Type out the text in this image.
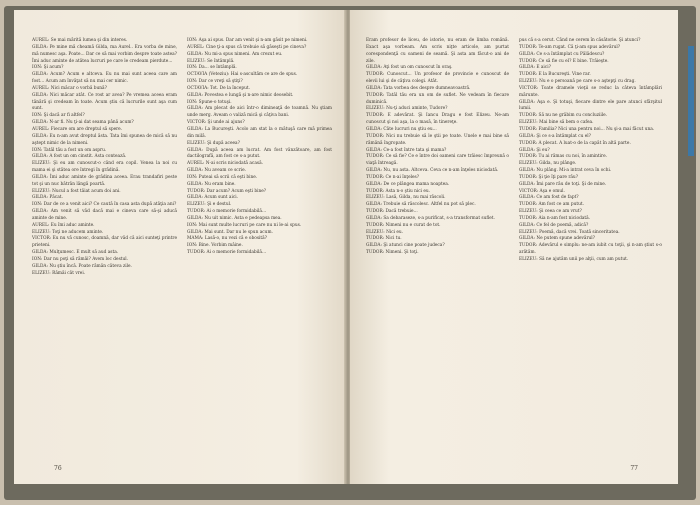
AUREL: Se mai mărită lumea şi din interes.
GILDA: Pe mine mă cheamă Gilda, ma Aurel.. Era vorba de mine, mă numesc aşa. Poate... Dar ce să mai vorbim despre toate astea? Îmi aduc aminte de atâtea lucruri pe care le credeam pierdute...
ION: Şi acum?
GILDA: Acum? Acum e altceva. Eu nu mai sunt aceea care am fost... Acum am învăţat să nu mai cer nimic.
AUREL: Nici măcar o vorbă bună?
GILDA: Nici măcar atât. Ce rost ar avea? Pe vremea aceea eram tânără şi credeam în toate. Acum ştiu că lucrurile sunt aşa cum sunt.
ION: Şi dacă ar fi altfel?
GILDA: N-ar fi. Nu ţi-ai dat seama până acum?
AUREL: Fiecare om are dreptul să spere.
GILDA: Eu n-am avut dreptul ăsta. Tata îmi spunea de mică să nu aştept nimic de la nimeni.
ION: Tatăl tău a fost un om aspru.
GILDA: A fost un om cinstit. Asta contează.
ELIZEU: Şi eu am cunoscut-o când era copil. Venea la noi cu mama ei şi stătea ore întregi în grădină.
GILDA: Îmi aduc aminte de grădina aceea. Erau trandafiri peste tot şi un nuc bătrân lângă poartă.
ELIZEU: Nucul a fost tăiat acum doi ani.
GILDA: Păcat.
ION: Dar de ce a venit aici? Ce caută în casa asta după atâţia ani?
GILDA: Am venit să văd dacă mai e cineva care să-şi aducă aminte de mine.
AUREL: Eu îmi aduc aminte.
ELIZEU: Toţi ne aducem aminte.
VICTOR: Eu nu vă cunosc, doamnă, dar văd că aici sunteţi printre prieteni.
GILDA: Mulţumesc. E mult să aud asta.
ION: Dar nu poţi să rămâi? Avem loc destul.
GILDA: Nu ştiu încă. Poate rămân câteva zile.
ELIZEU: Rămâi cât vrei.
ION: Aşa ai spus. Dar am venit şi n-am găsit pe nimeni.
AUREL: Cine ţi-a spus că trebuie să găseşti pe cineva?
GILDA: Nu mi-a spus nimeni. Am crezut eu.
ELIZEU: Se întâmplă.
ION: Da... se întâmplă.
OCTAVIA (Veteziu): Hai s-ascultăm ce are de spus.
ION: Dar ce vreţi să ştiţi?
OCTAVIA: Tot. De la început.
GILDA: Povestea e lungă şi n-are nimic deosebit.
ION: Spune-o totuşi.
GILDA: Am plecat de aici într-o dimineaţă de toamnă. Nu ştiam unde merg. Aveam o valiză mică şi câţiva bani.
VICTOR: Şi unde ai ajuns?
GILDA: La Bucureşti. Acolo am stat la o mătuşă care mă primea din milă.
ELIZEU: Şi după aceea?
GILDA: După aceea am lucrat. Am fost vânzătoare, am fost dactilografă, am fost ce s-a putut.
AUREL: N-ai scris niciodată acasă.
GILDA: Nu aveam ce scrie.
ION: Puteai să scrii că eşti bine.
GILDA: Nu eram bine.
TUDOR: Dar acum? Acum eşti bine?
GILDA: Acum sunt aici.
ELIZEU: Şi e destul.
TUDOR: Ai o memorie formidabilă...
GILDA: Nu uit nimic. Asta e pedeapsa mea.
ION: Mai sunt multe lucruri pe care nu ni le-ai spus.
GILDA: Mai sunt. Dar nu le spun acum.
MAMA: Lasă-o, nu vezi că e obosită?
ION: Bine. Vorbim mâine.
TUDOR: Ai o memorie formidabilă...
76
Eram profesor de liceu, de istorie, nu eram de limba română. Exact aşa vorbeam. Am scris niţte articole, am purtat corespondenţă cu oameni de seamă. Şi asta am făcut-o ani de zile.
GILDA: Aţi fost un om cunoscut în oraş.
TUDOR: Cunoscut... Un profesor de provincie e cunoscut de elevii lui şi de câţiva colegi. Atât.
GILDA: Tata vorbea des despre dumneavoastră.
TUDOR: Tatăl tău era un om de suflet. Ne vedeam în fiecare duminică.
ELIZEU: Nu-ţi aduci aminte, Tudore?
TUDOR: E adevărat. Şi Iancu Dragu e fost Elizeu. Ne-am cunoscut şi noi aşa, la o masă, în tinereţe.
GILDA: Câte lucruri nu ştiu eu...
TUDOR: Nici nu trebuie să le ştii pe toate. Unele e mai bine să rămână îngropate.
GILDA: Ce-a fost între tata şi mama?
TUDOR: Ce să fie? Ce e între doi oameni care trăiesc împreună o viaţă întreagă.
GILDA: Nu, nu asta. Altceva. Ceva ce n-am înţeles niciodată.
TUDOR: Ce n-ai înţeles?
GILDA: De ce plângea mama noaptea.
TUDOR: Asta n-o ştiu nici eu.
ELIZEU: Lasă, Gilda, nu mai răscoli.
GILDA: Trebuie să răscolesc. Altfel nu pot să plec.
TUDOR: Dacă trebuie...
GILDA: Sa debaraseze, s-a purificat, s-a transformat suflet.
TUDOR: Nimeni nu e curat de tot.
ELIZEU: Nici eu.
TUDOR: Nici tu.
GILDA: Şi atunci cine poate judeca?
TUDOR: Nimeni. Şi toţi.
pus că s-a cerut. Când ne cerem în căsătorie. Şi atunci?
TUDOR: Te-am rugat. Că ţi-am spus adevărul?
GILDA: Ce s-a întâmplat cu Pălădescu?
TUDOR: Ce să fie cu el? E bine. Trăieşte.
GILDA: E aici?
TUDOR: E la Bucureşti. Vine rar.
ELIZEU: Nu e o persoană pe care s-o aştepţi cu drag.
VICTOR: Toate dramele vieţii se reduc la câteva întâmplări mărunte.
GILDA: Aşa e. Şi totuşi, fiecare dintre ele pare atunci sfârşitul lumii.
TUDOR: Să nu ne grăbim cu concluziile.
ELIZEU: Mai bine să bem o cafea.
TUDOR: Familia? Nici una pentru noi... Nu şi-a mai făcut una.
GILDA: Şi ce s-a întâmplat cu el?
TUDOR: A plecat. A luat-o de la capăt în altă parte.
GILDA: Şi eu?
TUDOR: Tu ai rămas cu noi, în amintire.
ELIZEU: Gilda, nu plânge.
GILDA: Nu plâng. Mi-a intrat ceva în ochi.
TUDOR: Şi ţie îţi pare rău?
GILDA: Îmi pare rău de toţi. Şi de mine.
VICTOR: Aşa e omul.
GILDA: Ce am fost de fapt?
TUDOR: Am fost ce am putut.
ELIZEU: Şi ceea ce am vrut?
TUDOR: Aia n-am fost niciodată.
GILDA: Ce fel de poemă, adică?
ELIZEU: Poemă, dacă vrei. Toată sinceritatea.
GILDA: Ne putem spune adevărul?
TUDOR: Adevărul e simplu: ne-am iubit cu toţii, şi n-am ştiut s-o arătăm.
ELIZEU: Să ne ajutăm unii pe alţii, cum am putut.
77
